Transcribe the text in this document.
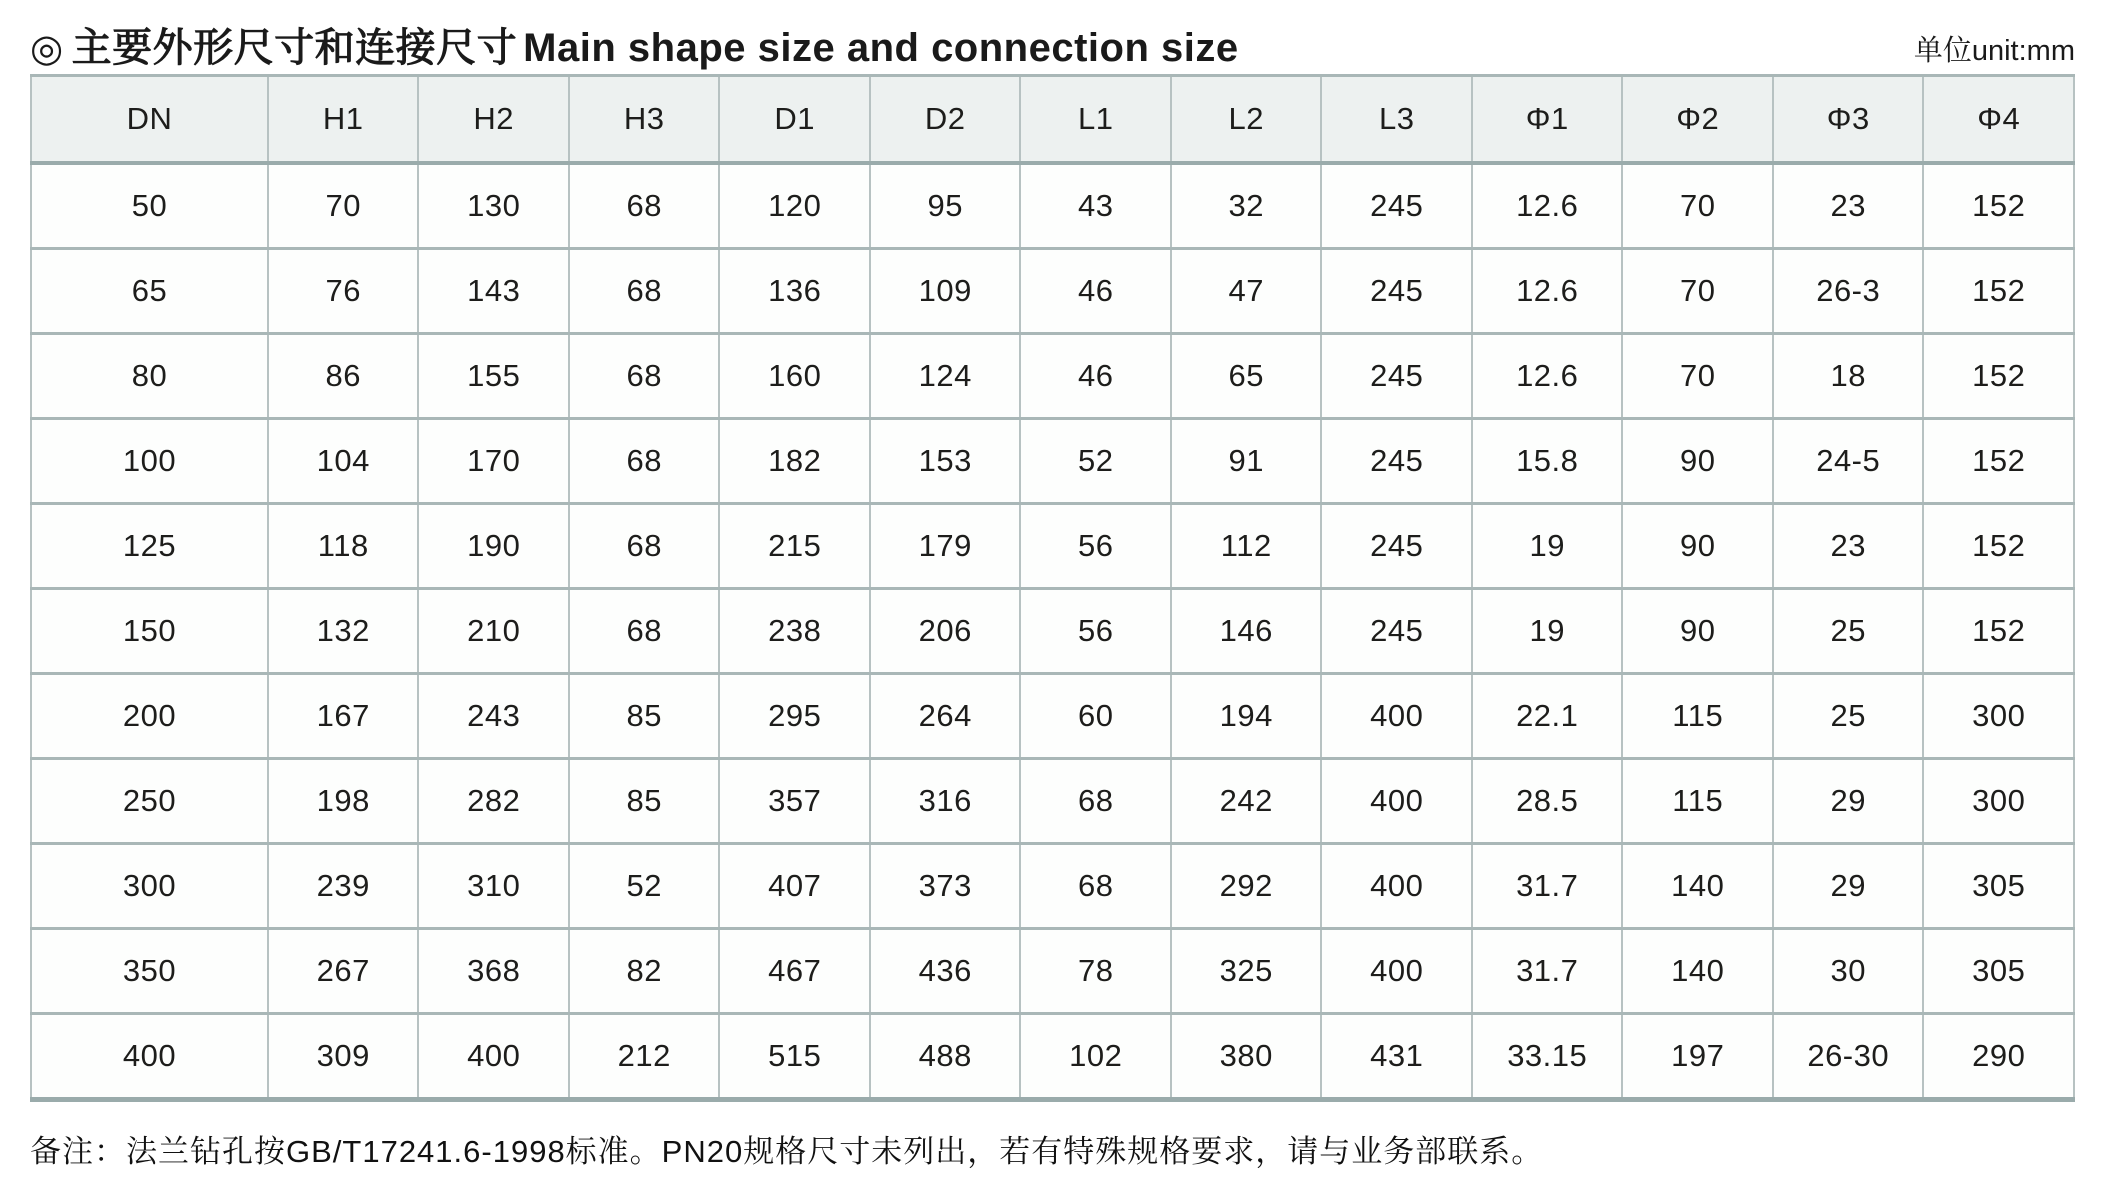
◎ 主要外形尺寸和连接尺寸 Main shape size and connection size	单位unit:mm
DN	H1	H2	H3	D1	D2	L1	L2	L3	Φ1	Φ2	Φ3	Φ4
50	70	130	68	120	95	43	32	245	12.6	70	23	152
65	76	143	68	136	109	46	47	245	12.6	70	26-3	152
80	86	155	68	160	124	46	65	245	12.6	70	18	152
100	104	170	68	182	153	52	91	245	15.8	90	24-5	152
125	118	190	68	215	179	56	112	245	19	90	23	152
150	132	210	68	238	206	56	146	245	19	90	25	152
200	167	243	85	295	264	60	194	400	22.1	115	25	300
250	198	282	85	357	316	68	242	400	28.5	115	29	300
300	239	310	52	407	373	68	292	400	31.7	140	29	305
350	267	368	82	467	436	78	325	400	31.7	140	30	305
400	309	400	212	515	488	102	380	431	33.15	197	26-30	290
备注：法兰钻孔按GB/T17241.6-1998标准。PN20规格尺寸未列出，若有特殊规格要求，请与业务部联系。
